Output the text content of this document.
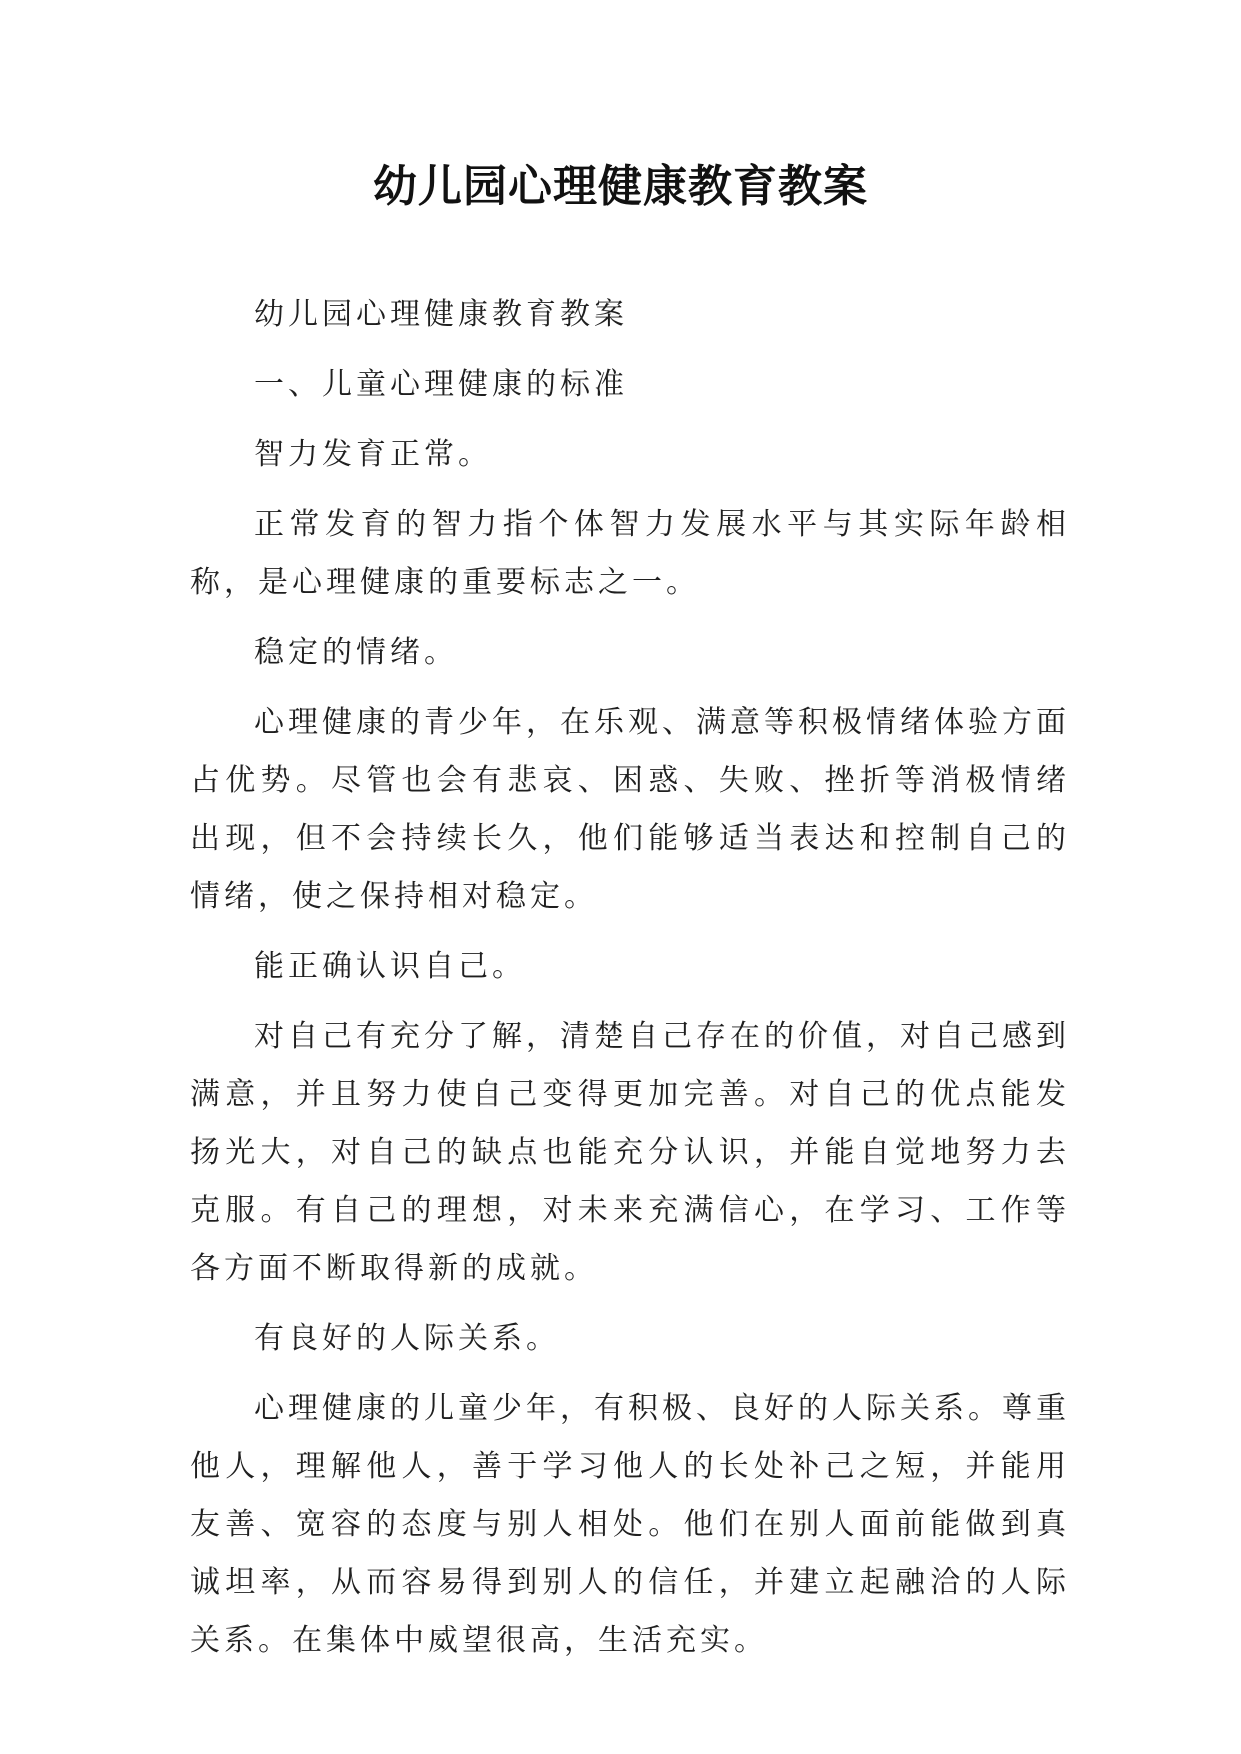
幼儿园心理健康教育教案

幼儿园心理健康教育教案

一、儿童心理健康的标准

智力发育正常。

正常发育的智力指个体智力发展水平与其实际年龄相称，是心理健康的重要标志之一。

稳定的情绪。

心理健康的青少年，在乐观、满意等积极情绪体验方面占优势。尽管也会有悲哀、困惑、失败、挫折等消极情绪出现，但不会持续长久，他们能够适当表达和控制自己的情绪，使之保持相对稳定。

能正确认识自己。

对自己有充分了解，清楚自己存在的价值，对自己感到满意，并且努力使自己变得更加完善。对自己的优点能发扬光大，对自己的缺点也能充分认识，并能自觉地努力去克服。有自己的理想，对未来充满信心，在学习、工作等各方面不断取得新的成就。

有良好的人际关系。

心理健康的儿童少年，有积极、良好的人际关系。尊重他人，理解他人，善于学习他人的长处补己之短，并能用友善、宽容的态度与别人相处。他们在别人面前能做到真诚坦率，从而容易得到别人的信任，并建立起融洽的人际关系。在集体中威望很高，生活充实。
